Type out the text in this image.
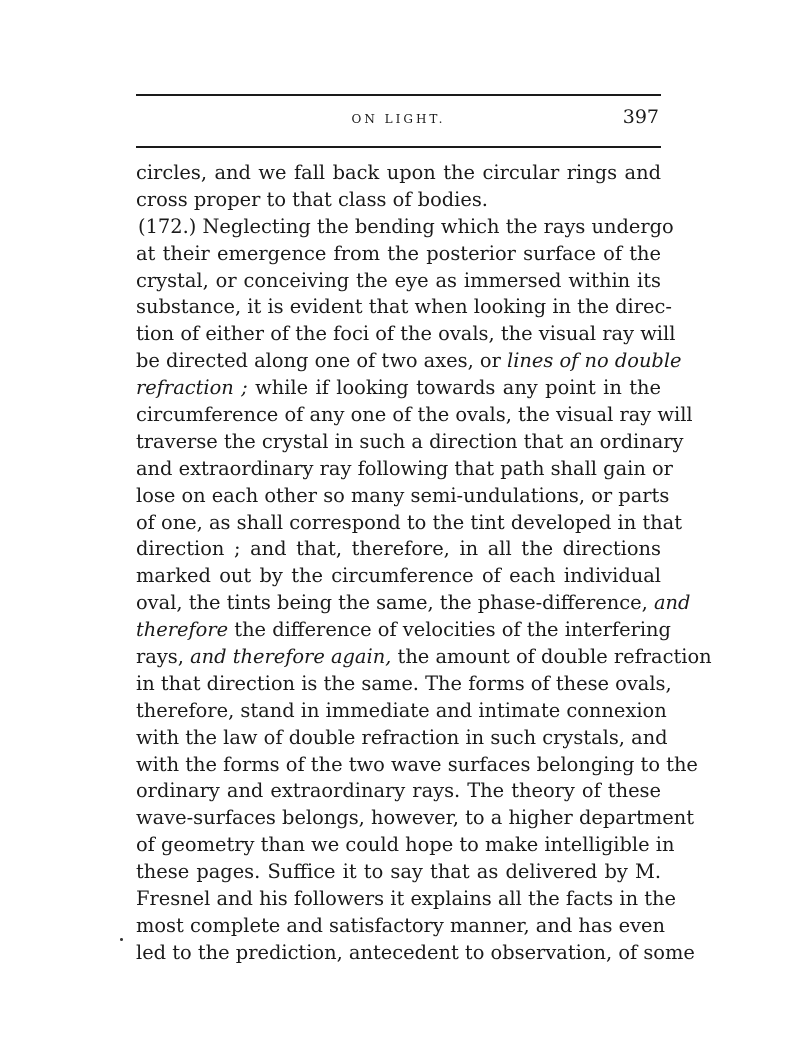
ON LIGHT.	397
circles, and we fall back upon the circular rings and
cross proper to that class of bodies.
(172.) Neglecting the bending which the rays undergo
at their emergence from the posterior surface of the
crystal, or conceiving the eye as immersed within its
substance, it is evident that when looking in the direc-
tion of either of the foci of the ovals, the visual ray will
be directed along one of two axes, or lines of no double
refraction ; while if looking towards any point in the
circumference of any one of the ovals, the visual ray will
traverse the crystal in such a direction that an ordinary
and extraordinary ray following that path shall gain or
lose on each other so many semi-undulations, or parts
of one, as shall correspond to the tint developed in that
direction ; and that, therefore, in all the directions
marked out by the circumference of each individual
oval, the tints being the same, the phase-difference, and
therefore the difference of velocities of the interfering
rays, and therefore again, the amount of double refraction
in that direction is the same. The forms of these ovals,
therefore, stand in immediate and intimate connexion
with the law of double refraction in such crystals, and
with the forms of the two wave surfaces belonging to the
ordinary and extraordinary rays. The theory of these
wave-surfaces belongs, however, to a higher department
of geometry than we could hope to make intelligible in
these pages. Suffice it to say that as delivered by M.
Fresnel and his followers it explains all the facts in the
most complete and satisfactory manner, and has even
led to the prediction, antecedent to observation, of some
